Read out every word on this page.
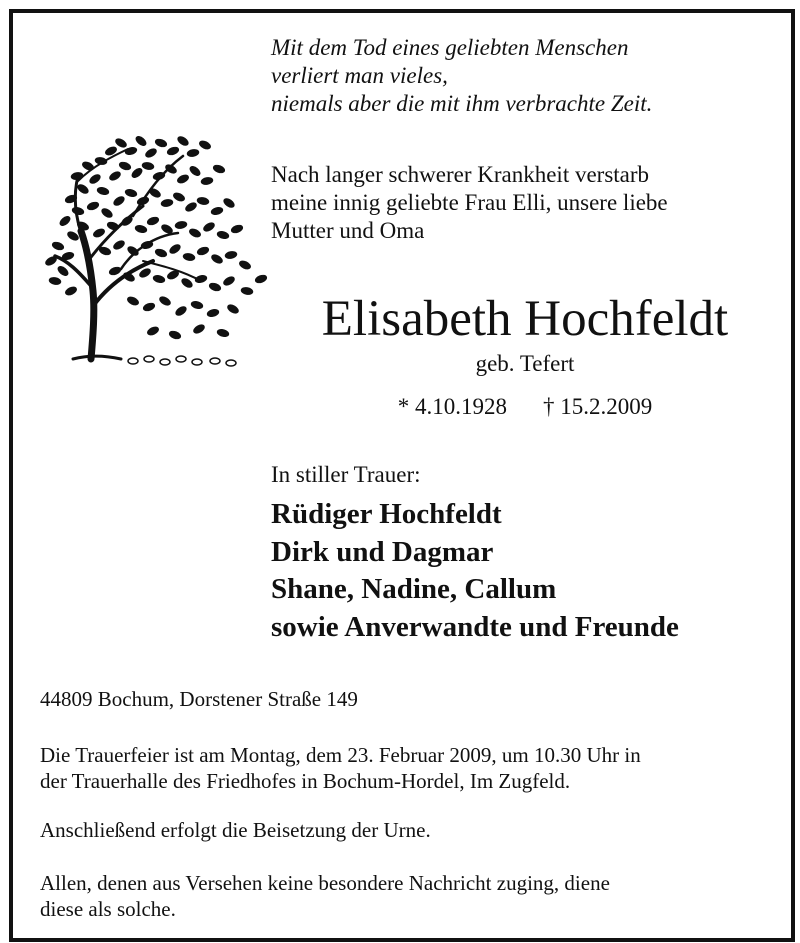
Mit dem Tod eines geliebten Menschen
verliert man vieles,
niemals aber die mit ihm verbrachte Zeit.
Nach langer schwerer Krankheit verstarb
meine innig geliebte Frau Elli, unsere liebe
Mutter und Oma
Elisabeth Hochfeldt
geb. Tefert
* 4.10.1928 † 15.2.2009
In stiller Trauer:
Rüdiger Hochfeldt
Dirk und Dagmar
Shane, Nadine, Callum
sowie Anverwandte und Freunde
44809 Bochum, Dorstener Straße 149
Die Trauerfeier ist am Montag, dem 23. Februar 2009, um 10.30 Uhr in
der Trauerhalle des Friedhofes in Bochum-Hordel, Im Zugfeld.
Anschließend erfolgt die Beisetzung der Urne.
Allen, denen aus Versehen keine besondere Nachricht zuging, diene
diese als solche.
